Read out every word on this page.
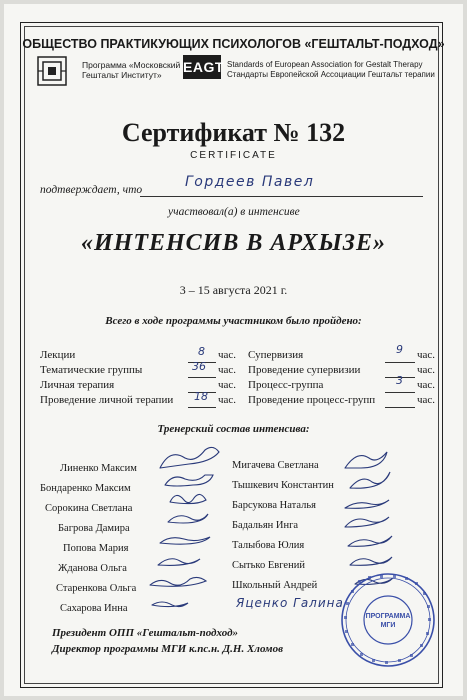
ОБЩЕСТВО ПРАКТИКУЮЩИХ ПСИХОЛОГОВ «ГЕШТАЛЬТ-ПОДХОД»
Программа «Московский
Гештальт Институт» EAGT Standards of European Association for Gestalt Therapy
Стандарты Европейской Ассоциации Гештальт терапии
Сертификат № 132
CERTIFICATE
подтверждает, что	Гордеев Павел
участвовал(а) в интенсиве
«ИНТЕНСИВ В АРХЫЗЕ»
3 – 15 августа 2021 г.
Всего в ходе программы участником было пройдено:
Лекции	8 час.
Тематические группы	36 час.
Личная терапия	час.
Проведение личной терапии 18 час.
Супервизия	9 час.
Проведение супервизии	час.
Процесс-группа	3 час.
Проведение процесс-групп	час.
Тренерский состав интенсива:
Линенко Максим
Бондаренко Максим
Сорокина Светлана
Багрова Дамира
Попова Мария
Жданова Ольга
Старенкова Ольга
Сахарова Инна
Мигачева Светлана
Тышкевич Константин
Барсукова Наталья
Бадальян Инга
Талыбова Юлия
Сытько Евгений
Школьный Андрей
Яценко Галина
ПРОГРАММА МГИ
Президент ОПП «Гештальт-подход»
Директор программы МГИ к.пс.н. Д.Н. Хломов
